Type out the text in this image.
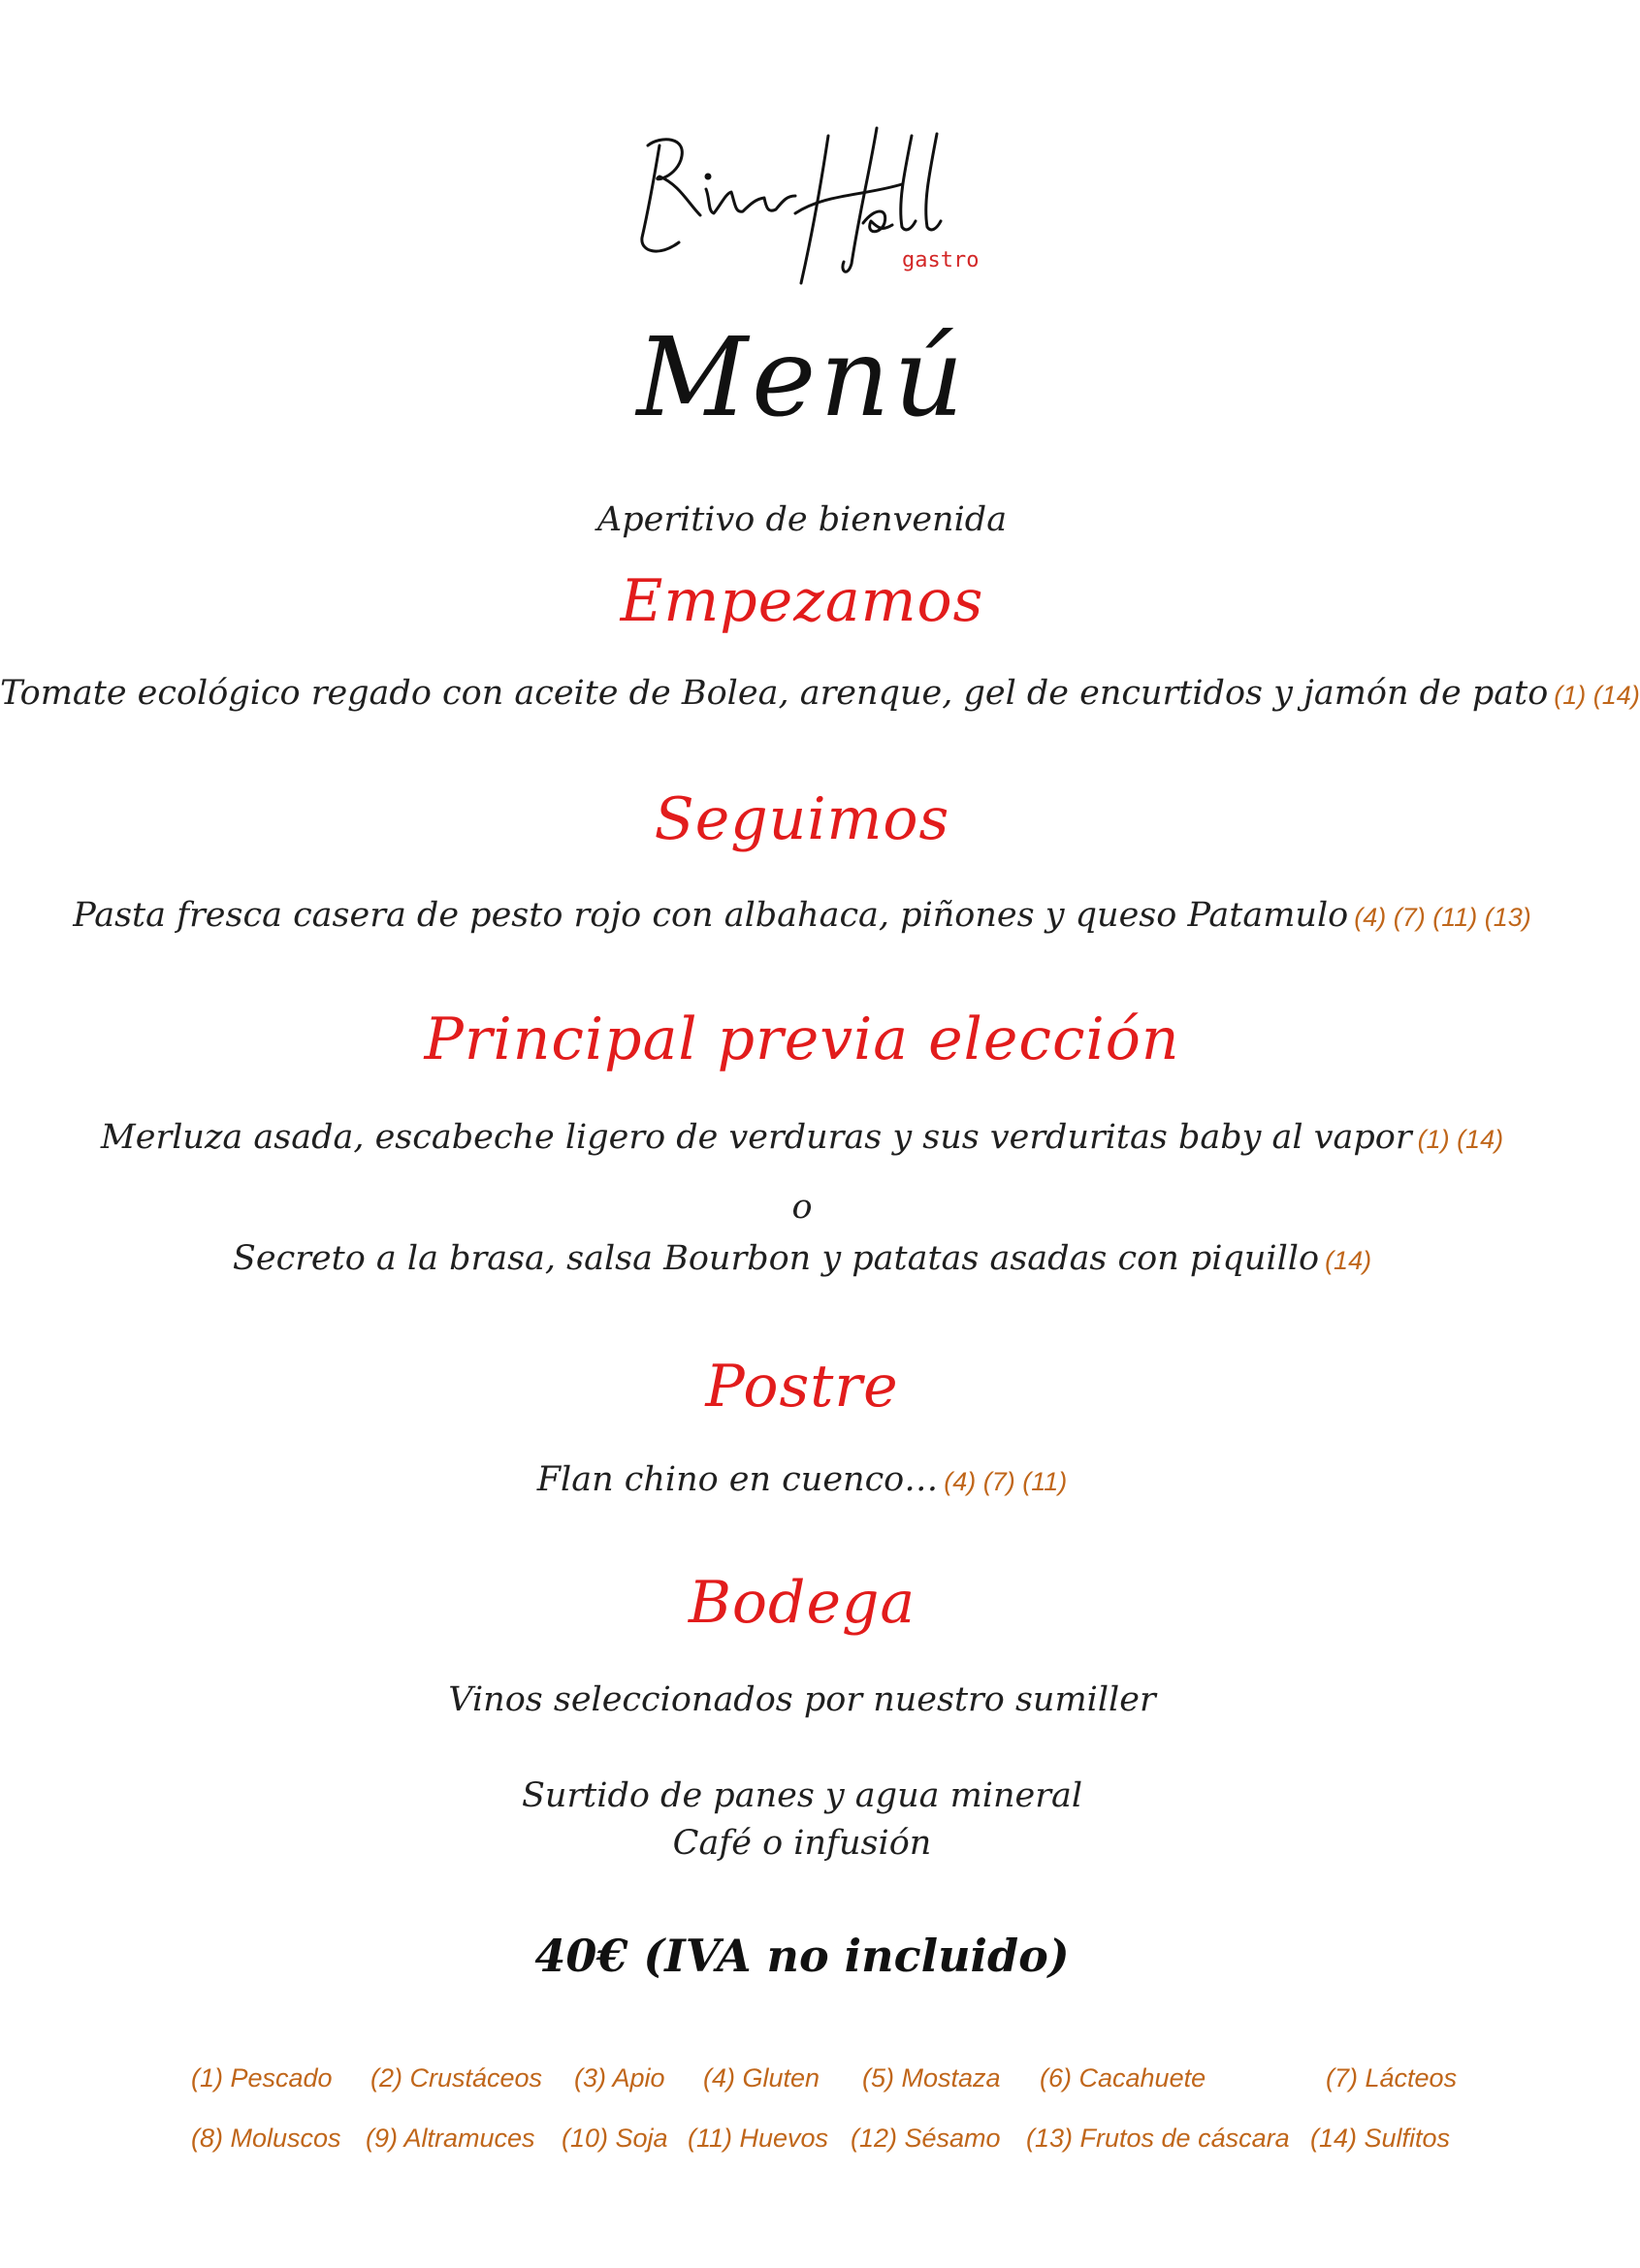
gastro
Menú
Aperitivo de bienvenida
Empezamos
Tomate ecológico regado con aceite de Bolea, arenque, gel de encurtidos y jamón de pato (1) (14)
Seguimos
Pasta fresca casera de pesto rojo con albahaca, piñones y queso Patamulo (4) (7) (11) (13)
Principal previa elección
Merluza asada, escabeche ligero de verduras y sus verduritas baby al vapor (1) (14)
o
Secreto a la brasa, salsa Bourbon y patatas asadas con piquillo (14)
Postre
Flan chino en cuenco… (4) (7) (11)
Bodega
Vinos seleccionados por nuestro sumiller
Surtido de panes y agua mineral
Café o infusión
40€ (IVA no incluido)
(1) Pescado (2) Crustáceos (3) Apio (4) Gluten (5) Mostaza (6) Cacahuete	(7) Lácteos
(8) Moluscos (9) Altramuces (10) Soja (11) Huevos (12) Sésamo (13) Frutos de cáscara (14) Sulfitos
